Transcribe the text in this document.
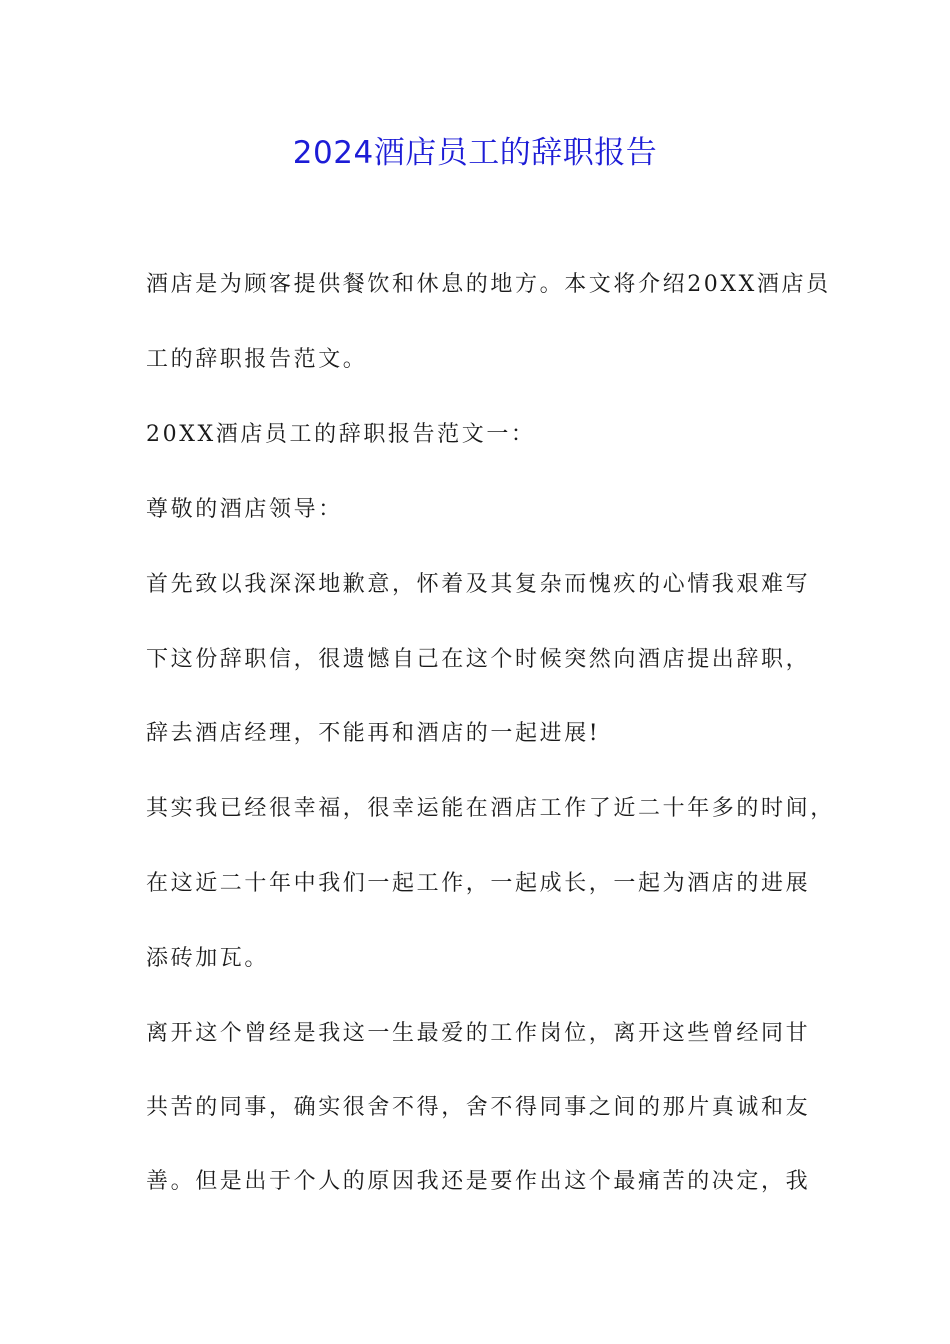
2024酒店员工的辞职报告
酒店是为顾客提供餐饮和休息的地方。本文将介绍20XX酒店员
工的辞职报告范文。
20XX酒店员工的辞职报告范文一：
尊敬的酒店领导：
首先致以我深深地歉意，怀着及其复杂而愧疚的心情我艰难写
下这份辞职信，很遗憾自己在这个时候突然向酒店提出辞职，
辞去酒店经理，不能再和酒店的一起进展!
其实我已经很幸福，很幸运能在酒店工作了近二十年多的时间，
在这近二十年中我们一起工作，一起成长，一起为酒店的进展
添砖加瓦。
离开这个曾经是我这一生最爱的工作岗位，离开这些曾经同甘
共苦的同事，确实很舍不得，舍不得同事之间的那片真诚和友
善。但是出于个人的原因我还是要作出这个最痛苦的决定，我
